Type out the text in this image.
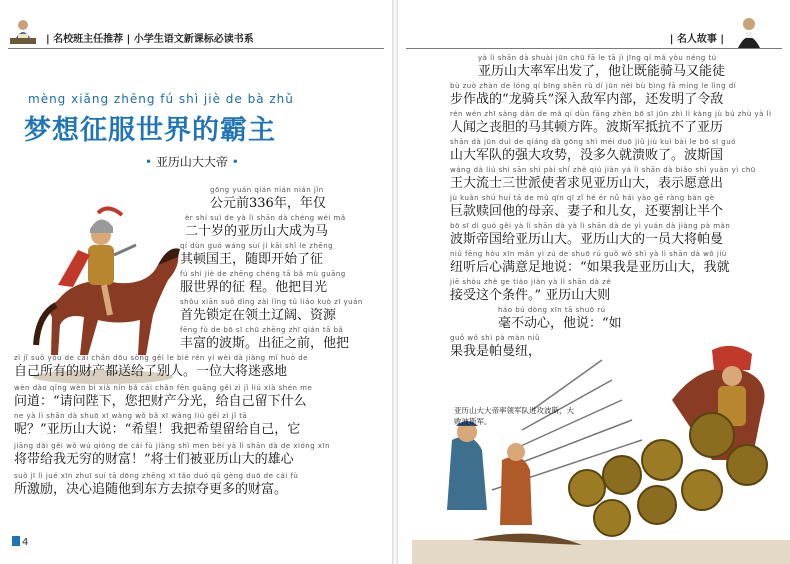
| 名校班主任推荐 | 小学生语文新课标必读书系
mèng xiǎng zhēng fú shì jiè de bà zhǔ
梦想征服世界的霸主
• 亚历山大大帝 •
gōng yuán qián nián nián jǐn
公元前336年，年仅
èr shí suì de yà lì shān dà chéng wéi mǎ
二十岁的亚历山大成为马
qí dùn guó wáng suí jí kāi shǐ le zhēng
其顿国王，随即开始了征
fú shì jiè de zhēng chéng tā bǎ mù guāng
服世界的征 程。他把目光
shǒu xiān suǒ dìng zài lǐng tǔ liáo kuò zī yuán
首先锁定在领土辽阔、资源
fēng fù de bō sī chū zhēng zhī qián tā bǎ
丰富的波斯。出征之前，他把
zì jǐ suǒ yǒu de cái chǎn dōu sòng gěi le bié rén yí wèi dà jiàng mǐ huò de
自己所有的财产都送给了别人。一位大将迷惑地
wèn dào qǐng wèn bì xià nín bǎ cái chǎn fēn guāng gěi zì jǐ liú xià shén me
问道：“请问陛下，您把财产分光，给自己留下什么
ne yà lì shān dà shuō xī wàng wǒ bǎ xī wàng liú gěi zì jǐ tā
呢？”亚历山大说：“希望！我把希望留给自己，它
jiāng dài gěi wǒ wú qióng de cái fù jiàng shì men bèi yà lì shān dà de xióng xīn
将带给我无穷的财富！”将士们被亚历山大的雄心
suǒ jī lì jué xīn zhuī suí tā dōng zhēng xī tǎo duó qǔ gèng duō de cái fù
所激励，决心追随他到东方去掠夺更多的财富。
4
| 名人故事 |
yà lì shān dà shuài jūn chū fā le tā jì jīng qí mǎ yòu néng tú
亚历山大率军出发了，他让既能骑马又能徒
bù zuò zhàn de lóng qí bīng shēn rù dí jūn nèi bù bìng fā míng le lìng dí
步作战的“龙骑兵”深入敌军内部，还发明了令敌
rén wén zhī sàng dǎn de mǎ qí dùn fāng zhèn bō sī jūn zhì lì kàng jù bú zhù yà lì
人闻之丧胆的马其顿方阵。波斯军抵抗不了亚历
shān dà jūn duì de qiáng dà gōng shì méi duō jiǔ jiù kuì bài le bō sī guó
山大军队的强大攻势，没多久就溃败了。波斯国
wáng dà liú shì sān shì pài shǐ zhě qiú jiàn yà lì shān dà biǎo shì yuàn yì chū
王大流士三世派使者求见亚历山大，表示愿意出
jù kuǎn shú huí tā de mǔ qīn qī zǐ hé ér nǚ hái yào gē ràng bàn gè
巨款赎回他的母亲、妻子和儿女，还要割让半个
bō sī dì guó gěi yà lì shān dà yà lì shān dà de yì yuán dà jiàng pà màn
波斯帝国给亚历山大。亚历山大的一员大将帕曼
niǔ fēng hòu xīn mǎn yì zú de shuō rú guǒ wǒ shì yà lì shān dà wǒ jiù
纽听后心满意足地说：“如果我是亚历山大，我就
jiē shòu zhè ge tiáo jiàn yà lì shān dà zé
接受这个条件。” 亚历山大则
háo bú dòng xīn tā shuō rú
毫不动心，他说：“如
guǒ wǒ shì pà màn niǔ
果我是帕曼纽，
亚历山大大帝率领军队进攻波斯，大败波斯军。
